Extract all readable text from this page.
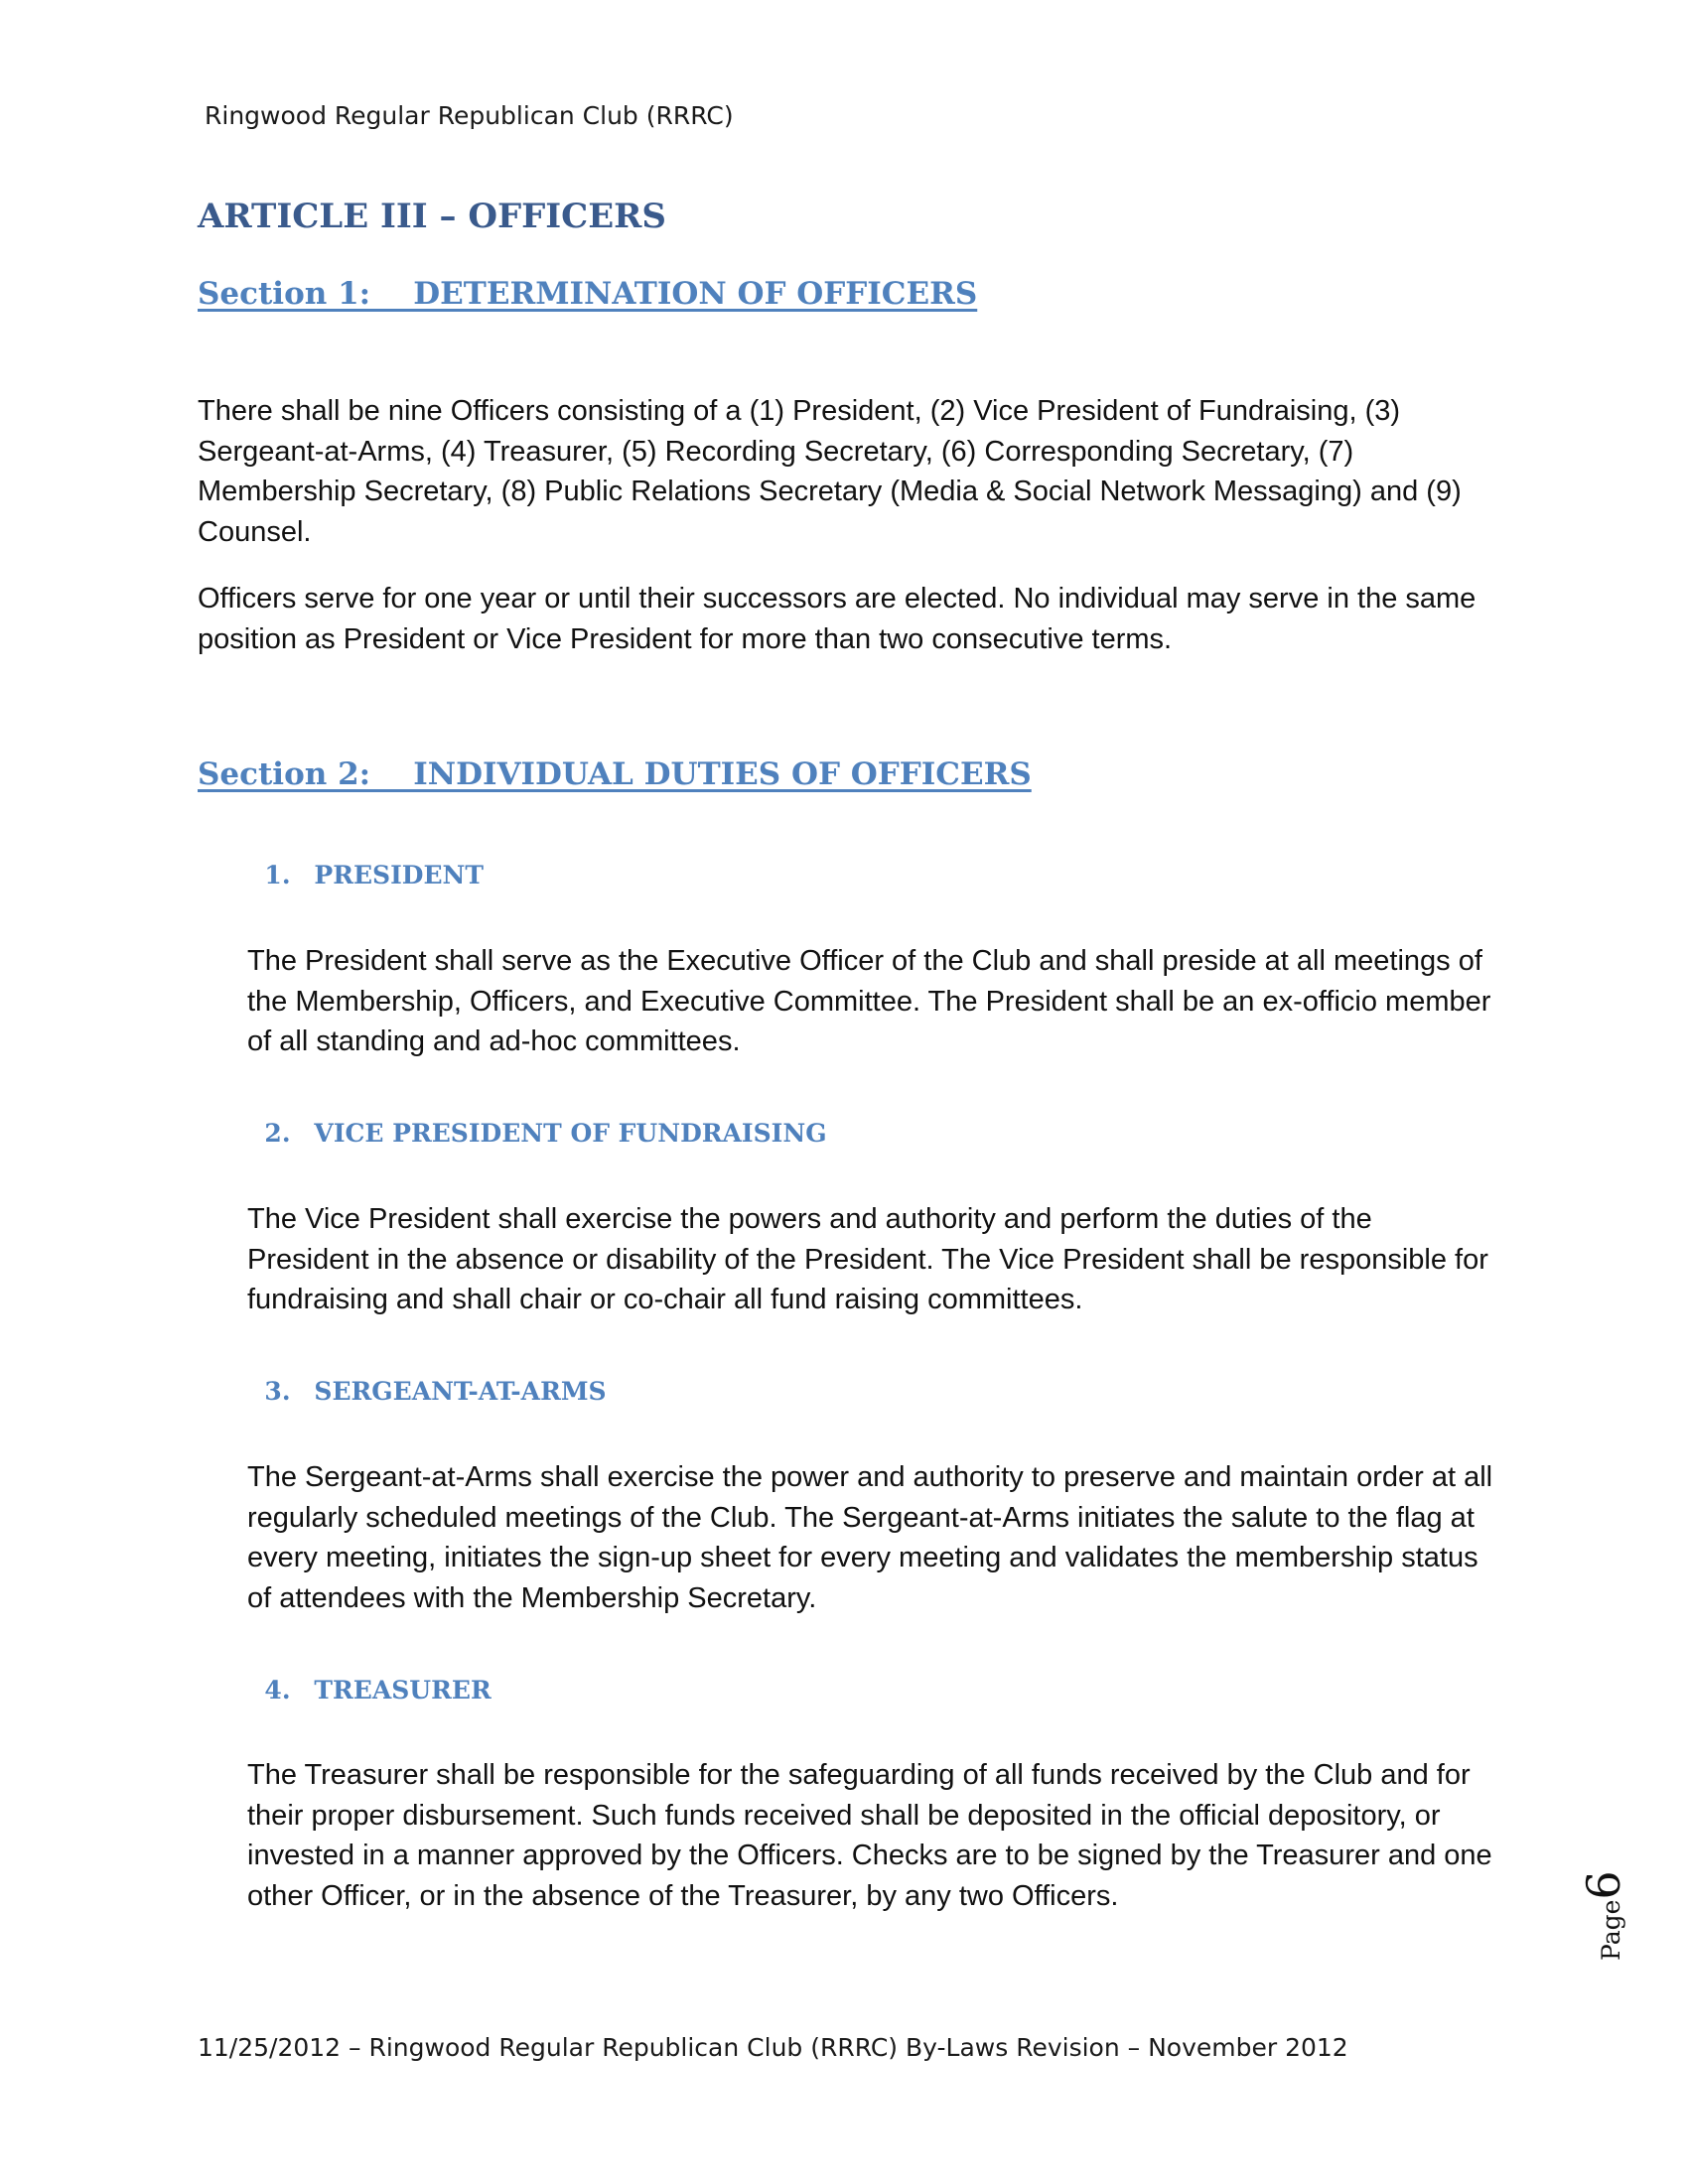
Ringwood Regular Republican Club (RRRC)
ARTICLE III – OFFICERS
Section 1:    DETERMINATION OF OFFICERS

There shall be nine Officers consisting of a (1) President, (2) Vice President of Fundraising, (3) Sergeant-at-Arms, (4) Treasurer, (5) Recording Secretary, (6) Corresponding Secretary, (7) Membership Secretary, (8) Public Relations Secretary (Media & Social Network Messaging) and (9) Counsel.

Officers serve for one year or until their successors are elected. No individual may serve in the same position as President or Vice President for more than two consecutive terms.

Section 2:    INDIVIDUAL DUTIES OF OFFICERS

1. PRESIDENT

The President shall serve as the Executive Officer of the Club and shall preside at all meetings of the Membership, Officers, and Executive Committee. The President shall be an ex-officio member of all standing and ad-hoc committees.

2. VICE PRESIDENT OF FUNDRAISING

The Vice President shall exercise the powers and authority and perform the duties of the President in the absence or disability of the President. The Vice President shall be responsible for fundraising and shall chair or co-chair all fund raising committees.

3. SERGEANT-AT-ARMS

The Sergeant-at-Arms shall exercise the power and authority to preserve and maintain order at all regularly scheduled meetings of the Club. The Sergeant-at-Arms initiates the salute to the flag at every meeting, initiates the sign-up sheet for every meeting and validates the membership status of attendees with the Membership Secretary.

4. TREASURER

The Treasurer shall be responsible for the safeguarding of all funds received by the Club and for their proper disbursement. Such funds received shall be deposited in the official depository, or invested in a manner approved by the Officers. Checks are to be signed by the Treasurer and one other Officer, or in the absence of the Treasurer, by any two Officers.

Page6
11/25/2012 – Ringwood Regular Republican Club (RRRC) By-Laws Revision – November 2012
